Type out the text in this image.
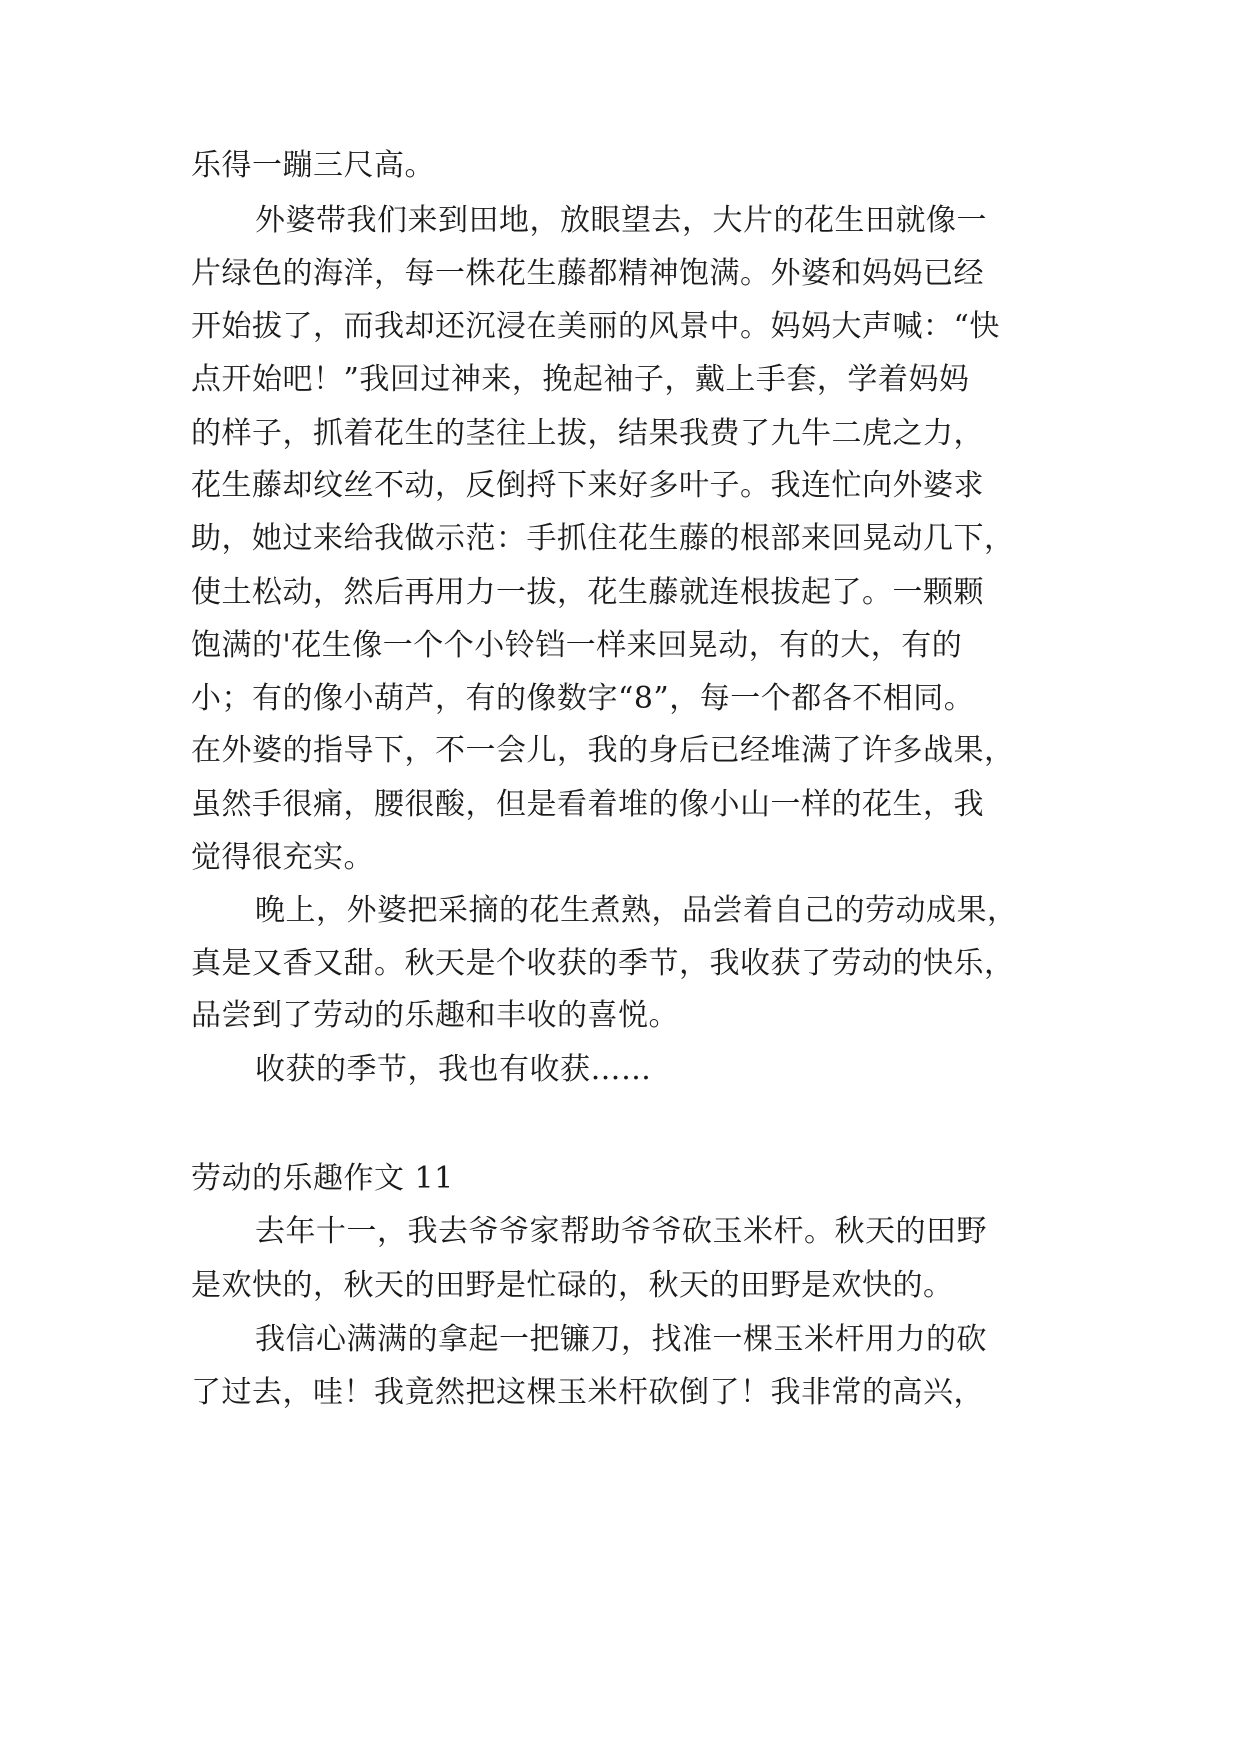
乐得一蹦三尺高。
外婆带我们来到田地，放眼望去，大片的花生田就像一
片绿色的海洋，每一株花生藤都精神饱满。外婆和妈妈已经
开始拔了，而我却还沉浸在美丽的风景中。妈妈大声喊：“快
点开始吧！”我回过神来，挽起袖子，戴上手套，学着妈妈
的样子，抓着花生的茎往上拔，结果我费了九牛二虎之力，
花生藤却纹丝不动，反倒捋下来好多叶子。我连忙向外婆求
助，她过来给我做示范：手抓住花生藤的根部来回晃动几下，
使土松动，然后再用力一拔，花生藤就连根拔起了。一颗颗
饱满的'花生像一个个小铃铛一样来回晃动，有的大，有的
小；有的像小葫芦，有的像数字“8”，每一个都各不相同。
在外婆的指导下，不一会儿，我的身后已经堆满了许多战果，
虽然手很痛，腰很酸，但是看着堆的像小山一样的花生，我
觉得很充实。
晚上，外婆把采摘的花生煮熟，品尝着自己的劳动成果，
真是又香又甜。秋天是个收获的季节，我收获了劳动的快乐，
品尝到了劳动的乐趣和丰收的喜悦。
收获的季节，我也有收获……
劳动的乐趣作文 11
去年十一，我去爷爷家帮助爷爷砍玉米杆。秋天的田野
是欢快的，秋天的田野是忙碌的，秋天的田野是欢快的。
我信心满满的拿起一把镰刀，找准一棵玉米杆用力的砍
了过去，哇！我竟然把这棵玉米杆砍倒了！我非常的高兴，
